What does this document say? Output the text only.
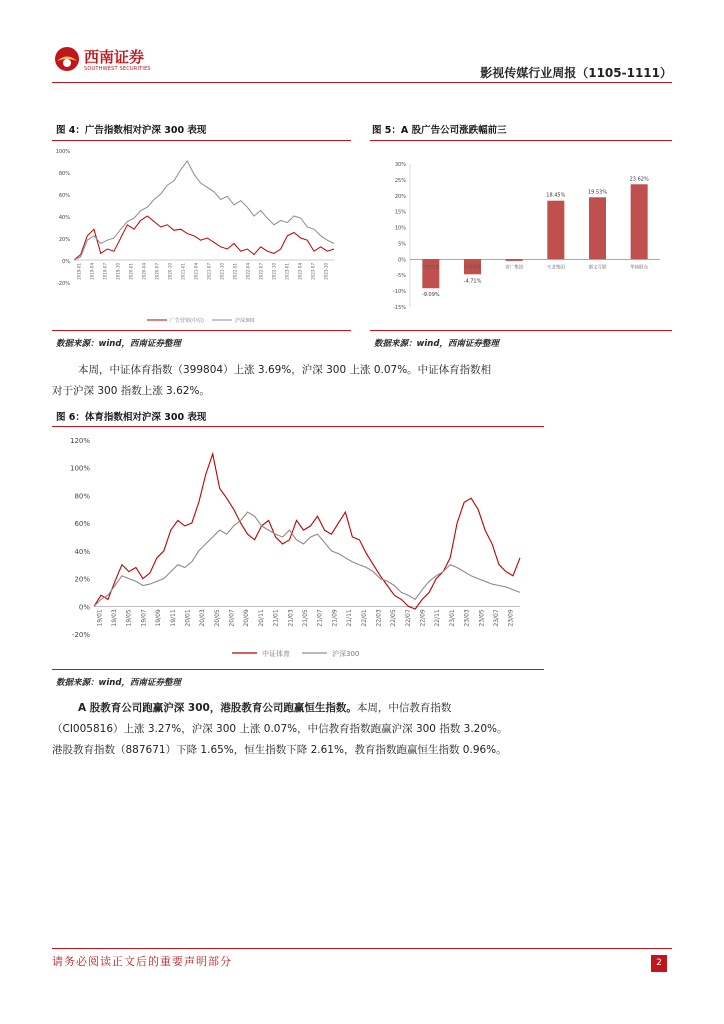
西南证券
SOUTHWEST SECURITIES	影视传媒行业周报（1105-1111）
图 4：广告指数相对沪深 300 表现
100%
80%
60%
40%
20%
0%
-20%
2019-01 2019-04 2019-07 2019-10 2020-01 2020-04 2020-07 2020-10 2021-01 2021-04 2021-07 2021-10 2022-01 2022-04 2022-07 2022-10 2023-01 2023-04 2023-07 2023-10
广告营销(中信)	沪深300
数据来源：wind，西南证券整理
图 5：A 股广告公司涨跌幅前三
30%
25%
20%
15%
10%
5%
0%
-5%
-10%
-15%
-9.09%
*ST天龙
-4.71%
中视传媒	省广集团
18.45%
天龙集团
19.53%
浙文互联
23.62%
华扬联众
数据来源：wind，西南证券整理
本周，中证体育指数（399804）上涨 3.69%，沪深 300 上涨 0.07%。中证体育指数相
对于沪深 300 指数上涨 3.62%。
图 6：体育指数相对沪深 300 表现
120%
100%
80%
60%
40%
20%
0%
-20%
19/01 19/03 19/05 19/07 19/09 19/11 20/01 20/03 20/05 20/07 20/09 20/11 21/01 21/03 21/05 21/07 21/09 21/11 22/01 22/03 22/05 22/07 22/09 22/11 23/01 23/03 23/05 23/07 23/09
中证体育	沪深300
数据来源：wind，西南证券整理
A 股教育公司跑赢沪深 300，港股教育公司跑赢恒生指数。本周，中信教育指数
（CI005816）上涨 3.27%，沪深 300 上涨 0.07%，中信教育指数跑赢沪深 300 指数 3.20%。
港股教育指数（887671）下降 1.65%，恒生指数下降 2.61%，教育指数跑赢恒生指数 0.96%。
请务必阅读正文后的重要声明部分	2
